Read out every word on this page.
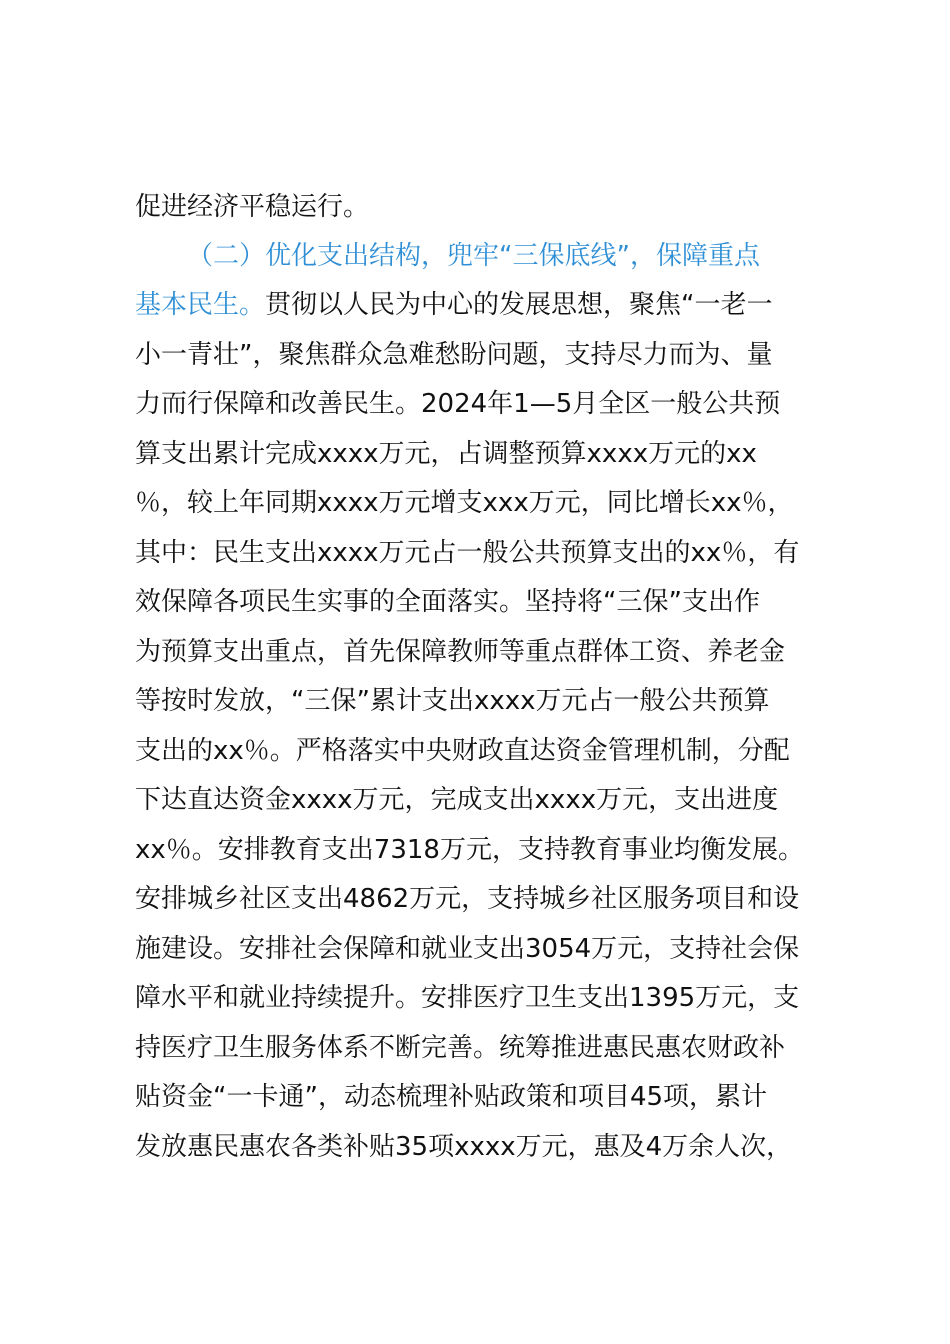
促进经济平稳运行。
（二）优化支出结构，兜牢“三保底线”，保障重点
基本民生。 贯彻以人民为中心的发展思想，聚焦“一老一
小一青壮”，聚焦群众急难愁盼问题，支持尽力而为、量
力而行保障和改善民生。2024年1—5月全区一般公共预
算支出累计完成xxxx万元，占调整预算xxxx万元的xx
％，较上年同期xxxx万元增支xxx万元，同比增长xx％，
其中：民生支出xxxx万元占一般公共预算支出的xx％，有
效保障各项民生实事的全面落实。坚持将“三保”支出作
为预算支出重点，首先保障教师等重点群体工资、养老金
等按时发放，“三保”累计支出xxxx万元占一般公共预算
支出的xx％。严格落实中央财政直达资金管理机制，分配
下达直达资金xxxx万元，完成支出xxxx万元，支出进度
xx％。安排教育支出7318万元，支持教育事业均衡发展。
安排城乡社区支出4862万元，支持城乡社区服务项目和设
施建设。安排社会保障和就业支出3054万元，支持社会保
障水平和就业持续提升。安排医疗卫生支出1395万元，支
持医疗卫生服务体系不断完善。统筹推进惠民惠农财政补
贴资金“一卡通”，动态梳理补贴政策和项目45项，累计
发放惠民惠农各类补贴35项xxxx万元，惠及4万余人次，
